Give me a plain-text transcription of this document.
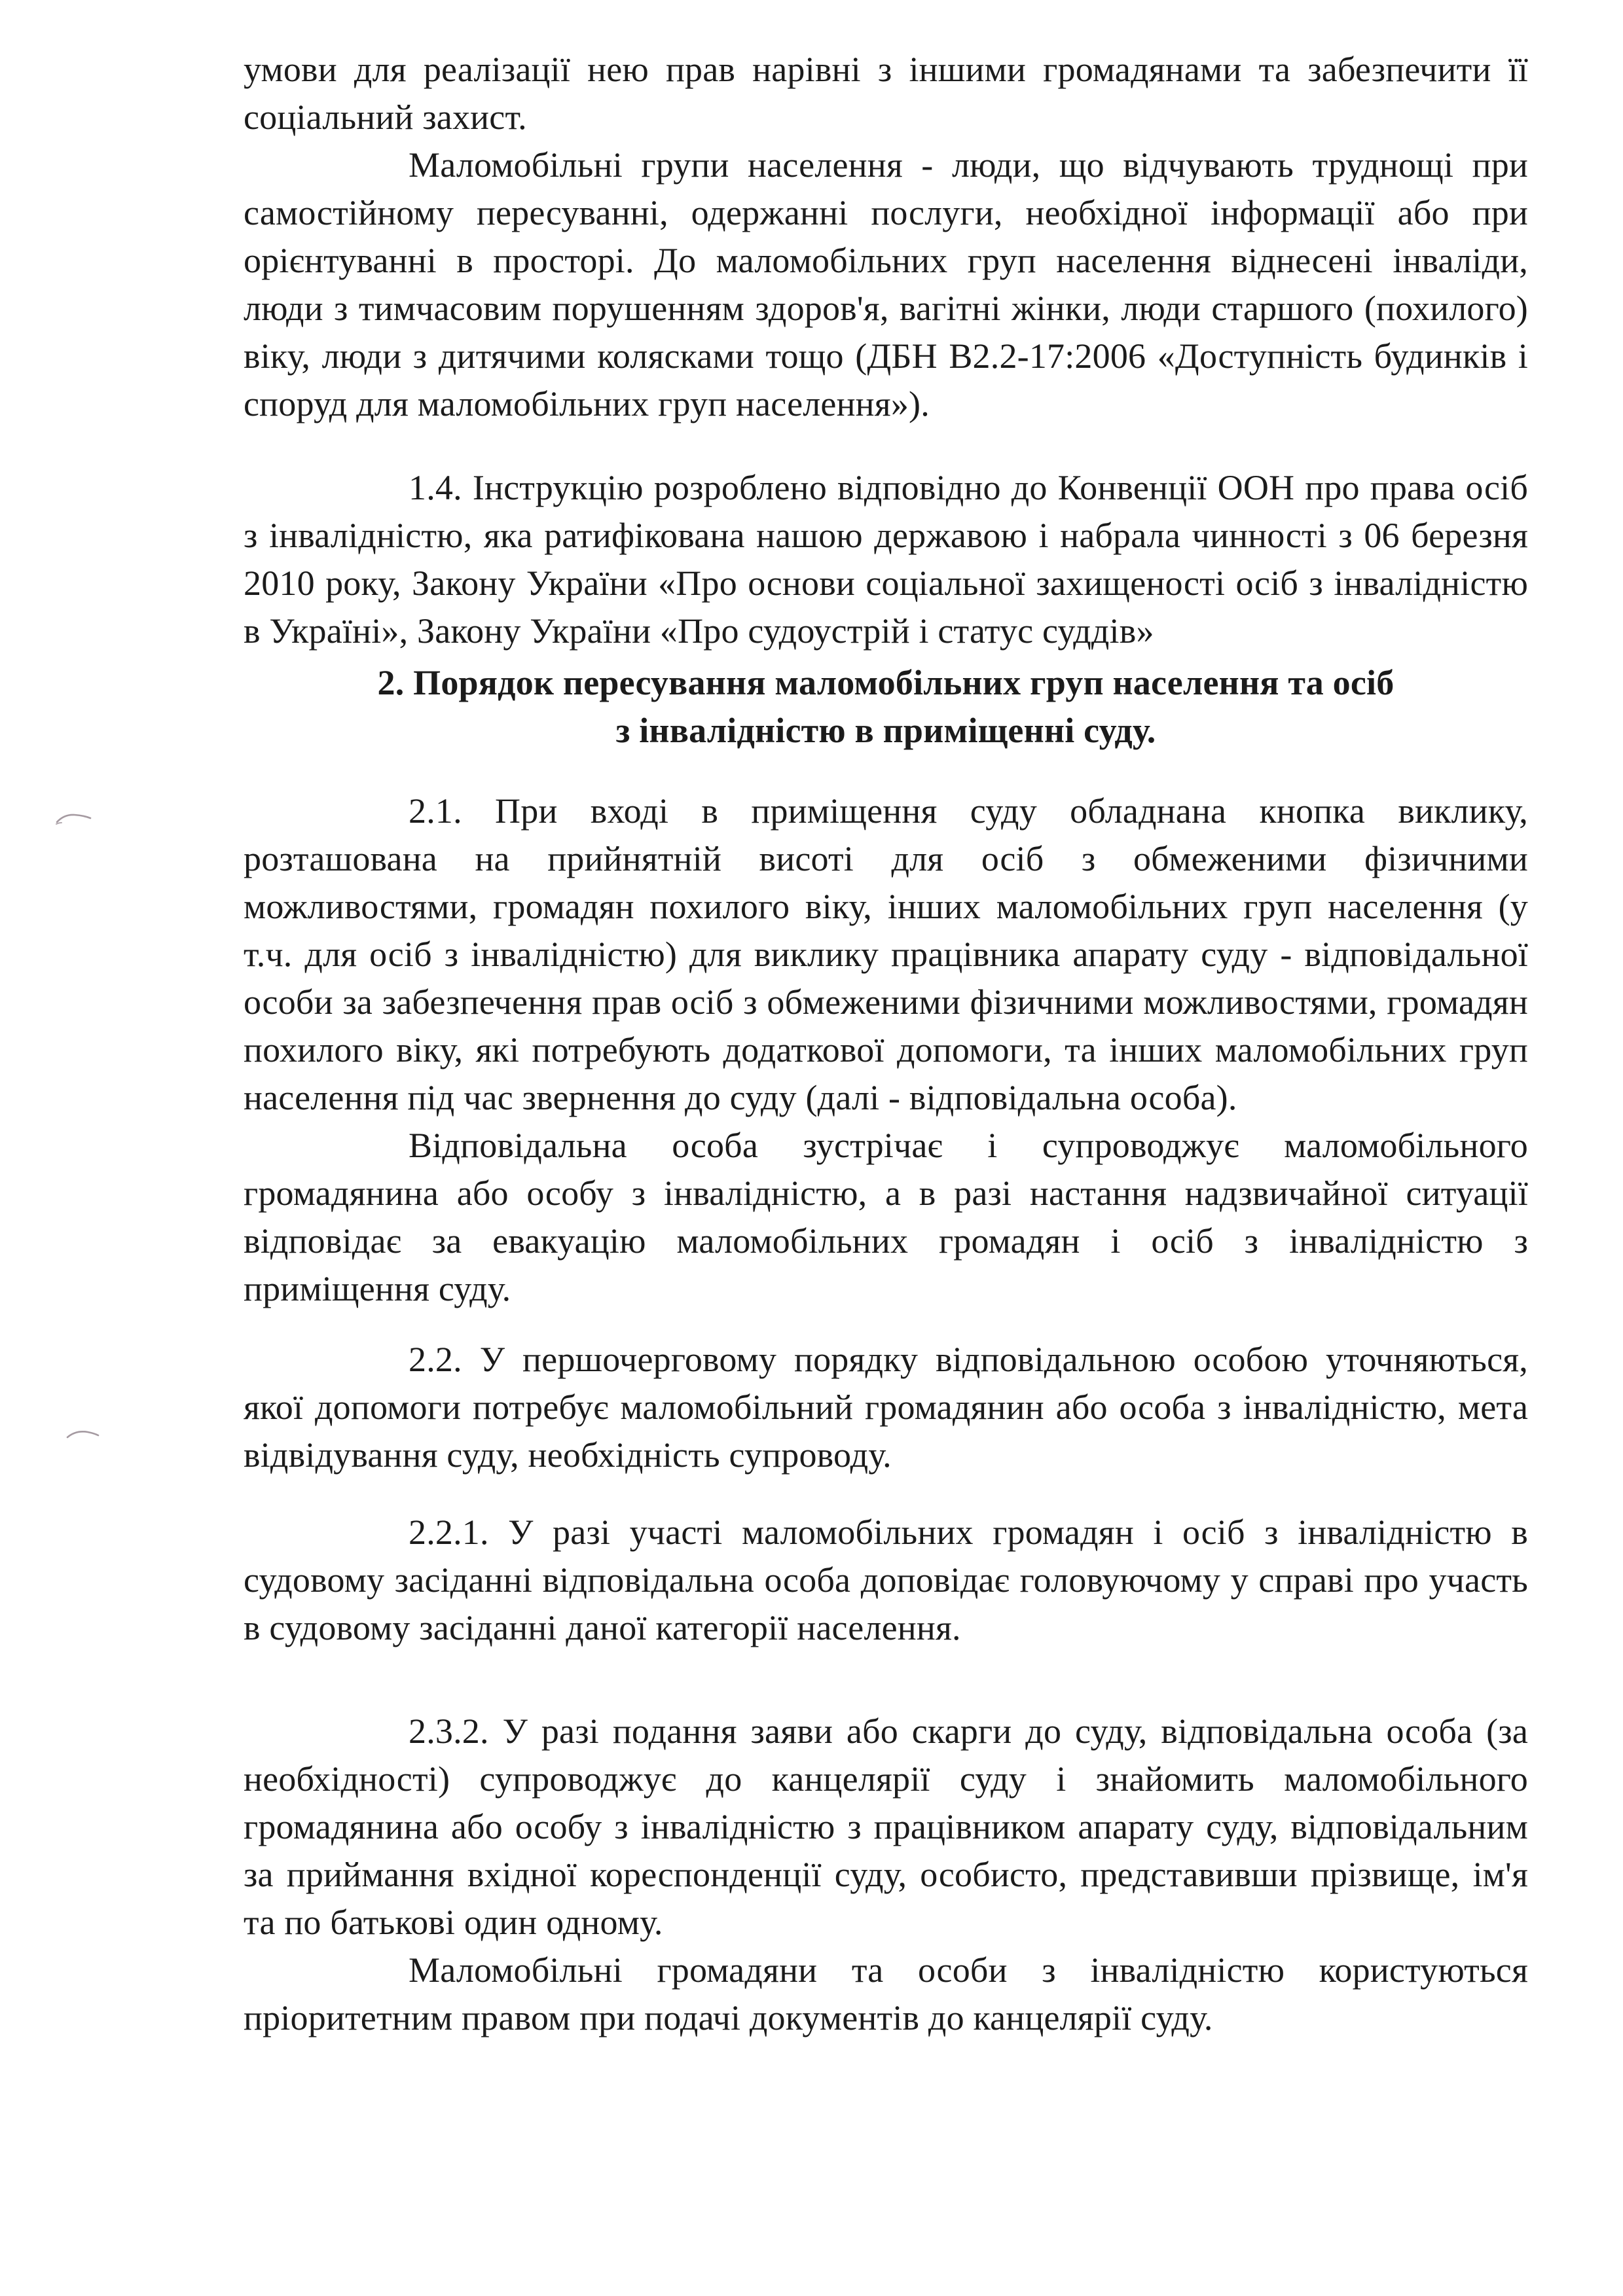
умови для реалізації нею прав нарівні з іншими громадянами та забезпечити її соціальний захист.

Маломобільні групи населення - люди, що відчувають труднощі при самостійному пересуванні, одержанні послуги, необхідної інформації або при орієнтуванні в просторі. До маломобільних груп населення віднесені інваліди, люди з тимчасовим порушенням здоров'я, вагітні жінки, люди старшого (похилого) віку, люди з дитячими колясками тощо (ДБН В2.2-17:2006 «Доступність будинків і споруд для маломобільних груп населення»).

1.4. Інструкцію розроблено відповідно до Конвенції ООН про права осіб з інвалідністю, яка ратифікована нашою державою і набрала чинності з 06 березня 2010 року, Закону України «Про основи соціальної захищеності осіб з інвалідністю в Україні», Закону України «Про судоустрій і статус суддів»

2. Порядок пересування маломобільних груп населення та осіб з інвалідністю в приміщенні суду.

2.1. При вході в приміщення суду обладнана кнопка виклику, розташована на прийнятній висоті для осіб з обмеженими фізичними можливостями, громадян похилого віку, інших маломобільних груп населення (у т.ч. для осіб з інвалідністю) для виклику працівника апарату суду - відповідальної особи за забезпечення прав осіб з обмеженими фізичними можливостями, громадян похилого віку, які потребують додаткової допомоги, та інших маломобільних груп населення під час звернення до суду (далі - відповідальна особа).

Відповідальна особа зустрічає і супроводжує маломобільного громадянина або особу з інвалідністю, а в разі настання надзвичайної ситуації відповідає за евакуацію маломобільних громадян і осіб з інвалідністю з приміщення суду.

2.2. У першочерговому порядку відповідальною особою уточняються, якої допомоги потребує маломобільний громадянин або особа з інвалідністю, мета відвідування суду, необхідність супроводу.

2.2.1. У разі участі маломобільних громадян і осіб з інвалідністю в судовому засіданні відповідальна особа доповідає головуючому у справі про участь в судовому засіданні даної категорії населення.

2.3.2. У разі подання заяви або скарги до суду, відповідальна особа (за необхідності) супроводжує до канцелярії суду і знайомить маломобільного громадянина або особу з інвалідністю з працівником апарату суду, відповідальним за приймання вхідної кореспонденції суду, особисто, представивши прізвище, ім'я та по батькові один одному.

Маломобільні громадяни та особи з інвалідністю користуються пріоритетним правом при подачі документів до канцелярії суду.
